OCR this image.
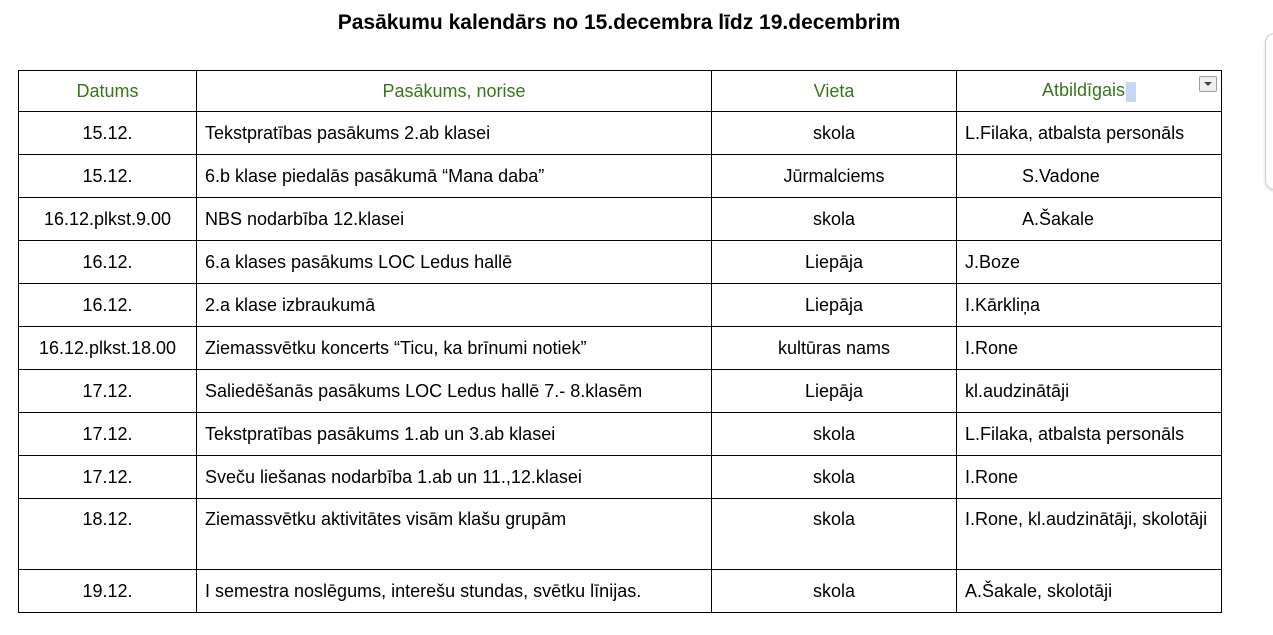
Pasākumu kalendārs no 15.decembra līdz 19.decembrim
Datums	Pasākums, norise	Vieta	Atbildīgais

15.12.	Tekstpratības pasākums 2.ab klasei	skola	L.Filaka, atbalsta personāls
15.12.	6.b klase piedalās pasākumā “Mana daba”	Jūrmalciems	S.Vadone
16.12.plkst.9.00	NBS nodarbība 12.klasei	skola	A.Šakale
16.12.	6.a klases pasākums LOC Ledus hallē	Liepāja	J.Boze
16.12.	2.a klase izbraukumā	Liepāja	I.Kārkliņa
16.12.plkst.18.00	Ziemassvētku koncerts “Ticu, ka brīnumi notiek”	kultūras nams	I.Rone
17.12.	Saliedēšanās pasākums LOC Ledus hallē 7.- 8.klasēm	Liepāja	kl.audzinātāji
17.12.	Tekstpratības pasākums 1.ab un 3.ab klasei	skola	L.Filaka, atbalsta personāls
17.12.	Sveču liešanas nodarbība 1.ab un 11.,12.klasei	skola	I.Rone
18.12.	Ziemassvētku aktivitātes visām klašu grupām	skola	I.Rone, kl.audzinātāji, skolotāji
19.12.	I semestra noslēgums, interešu stundas, svētku līnijas.	skola	A.Šakale, skolotāji
